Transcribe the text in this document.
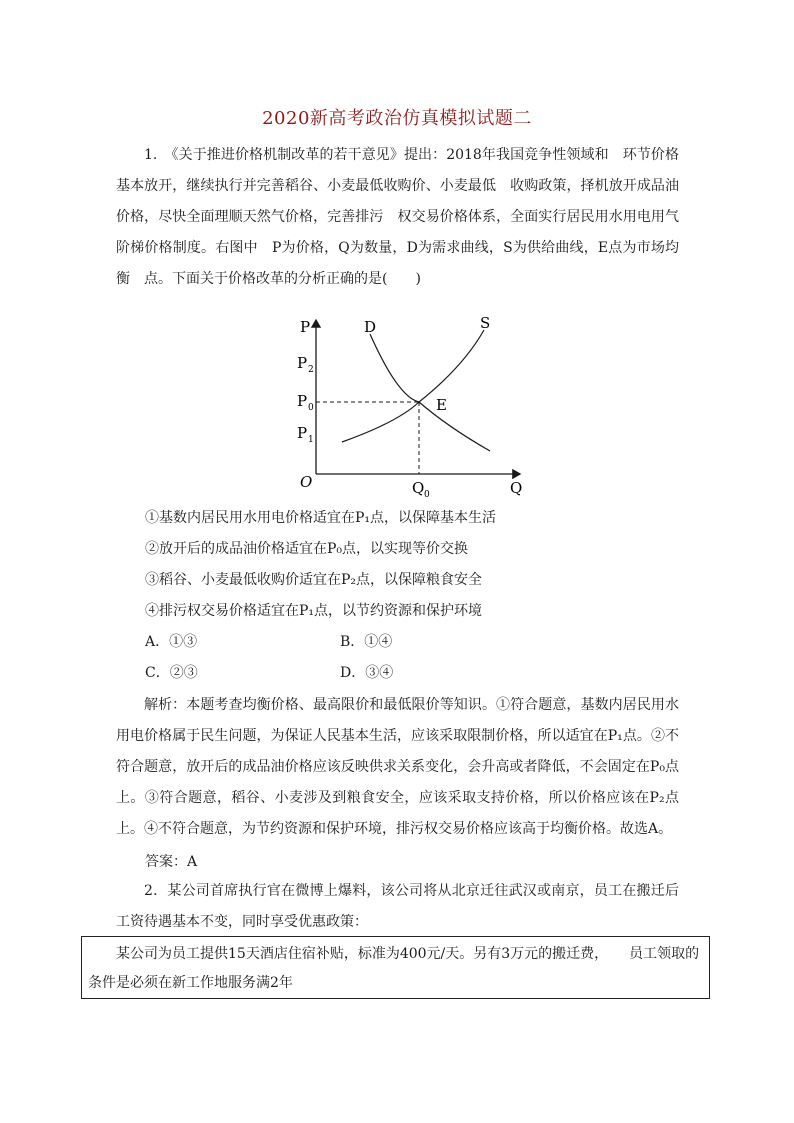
2020新高考政治仿真模拟试题二
1.　《关于推进价格机制改革的若干意见》提出：2018年我国竞争性领域和　环节价格基本放开，继续执行并完善稻谷、小麦最低收购价、小麦最低　收购政策，择机放开成品油价格，尽快全面理顺天然气价格，完善排污　权交易价格体系，全面实行居民用水用电用气阶梯价格制度。右图中　P为价格，Q为数量，D为需求曲线，S为供给曲线，E点为市场均衡　点。下面关于价格改革的分析正确的是(　　)
P
Q
O
D	S
E
P 2
P 0
P 1
Q 0
①基数内居民用水用电价格适宜在P₁点，以保障基本生活
②放开后的成品油价格适宜在P₀点，以实现等价交换
③稻谷、小麦最低收购价适宜在P₂点，以保障粮食安全
④排污权交易价格适宜在P₁点，以节约资源和保护环境
A．①③	B．①④
C．②③	D．③④
解析：本题考查均衡价格、最高限价和最低限价等知识。①符合题意，基数内居民用水用电价格属于民生问题，为保证人民基本生活，应该采取限制价格，所以适宜在P₁点。②不符合题意，放开后的成品油价格应该反映供求关系变化，会升高或者降低，不会固定在P₀点上。③符合题意，稻谷、小麦涉及到粮食安全，应该采取支持价格，所以价格应该在P₂点上。④不符合题意，为节约资源和保护环境，排污权交易价格应该高于均衡价格。故选A。
答案：A
2．某公司首席执行官在微博上爆料，该公司将从北京迁往武汉或南京，员工在搬迁后工资待遇基本不变，同时享受优惠政策：
某公司为员工提供15天酒店住宿补贴，标准为400元/天。另有3万元的搬迁费，　　员工领取的条件是必须在新工作地服务满2年
